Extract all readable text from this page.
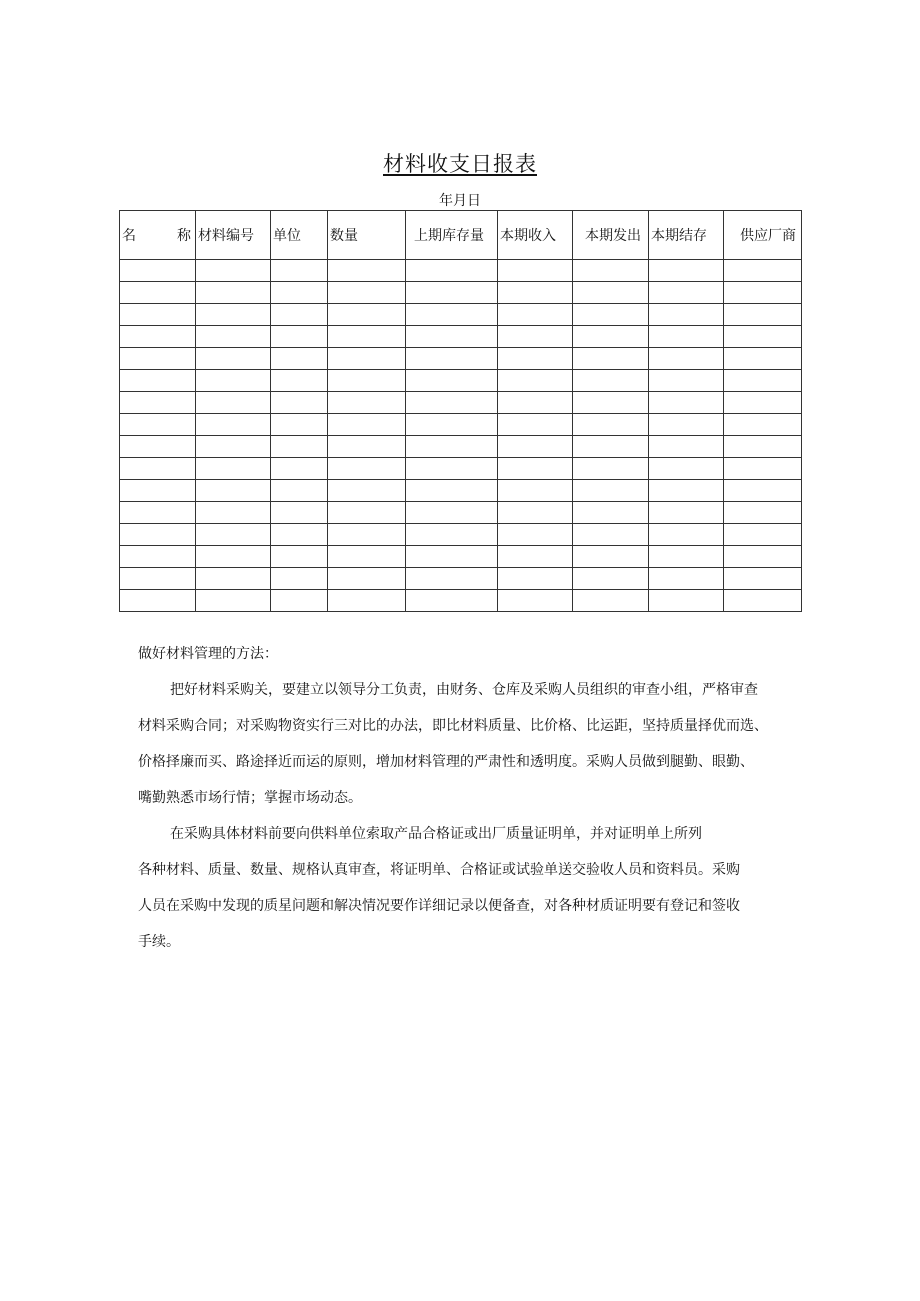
材料收支日报表
年月日
名 称	材料编号	单位	数量	上期库存量	本期收入	本期发出	本期结存	供应厂商

做好材料管理的方法：

把好材料采购关，要建立以领导分工负责，由财务、仓库及采购人员组织的审查小组，严格审查

材料采购合同；对采购物资实行三对比的办法，即比材料质量、比价格、比运距，坚持质量择优而选、

价格择廉而买、路途择近而运的原则，增加材料管理的严肃性和透明度。采购人员做到腿勤、眼勤、

嘴勤熟悉市场行情；掌握市场动态。

在采购具体材料前要向供料单位索取产品合格证或出厂质量证明单，并对证明单上所列

各种材料、质量、数量、规格认真审查，将证明单、合格证或试验单送交验收人员和资料员。采购

人员在采购中发现的质星问题和解决情况要作详细记录以便备查，对各种材质证明要有登记和签收

手续。
